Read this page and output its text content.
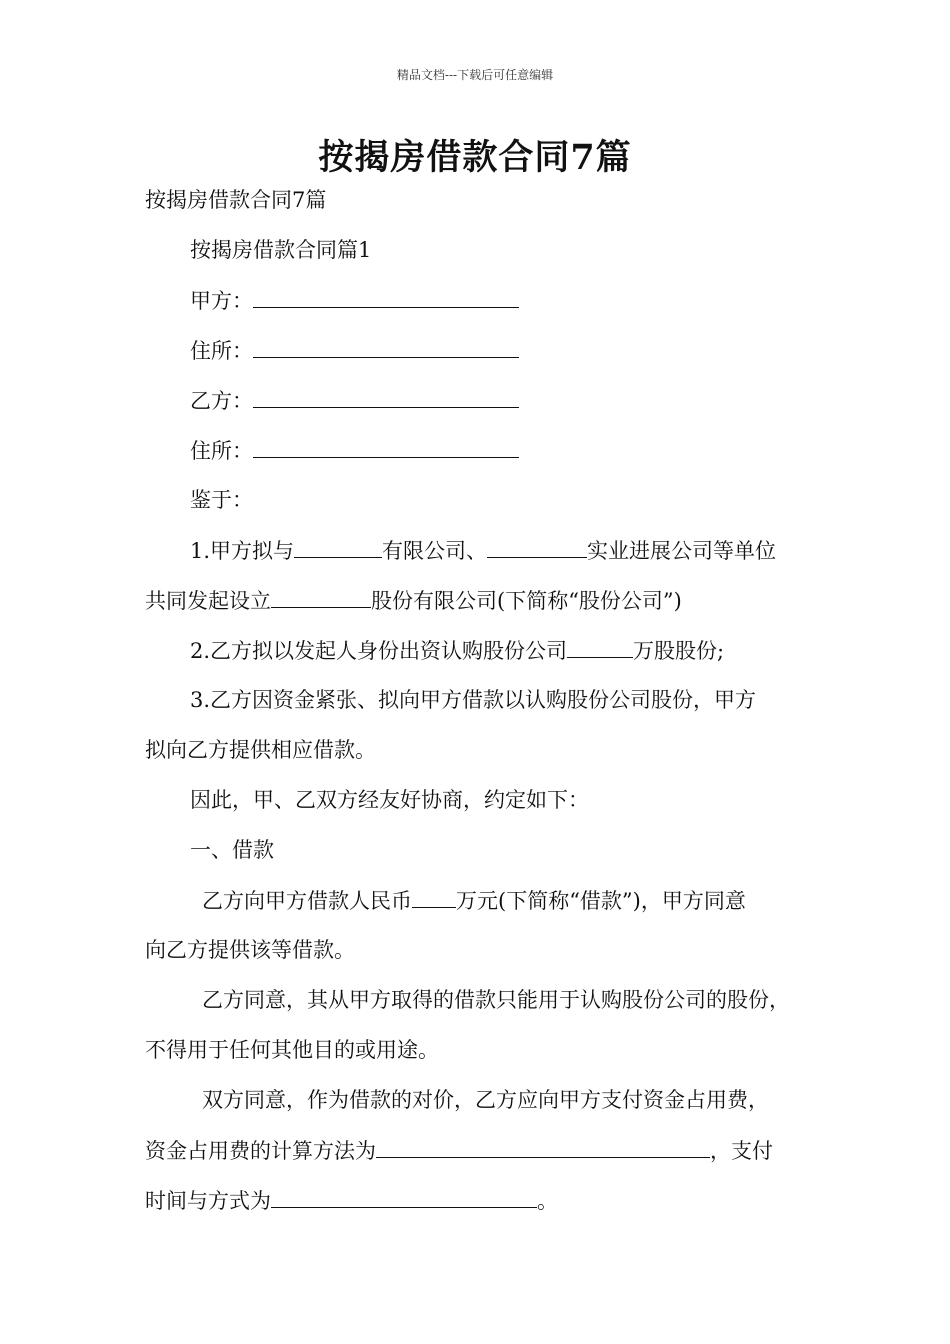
精品文档---下载后可任意编辑
按揭房借款合同7篇
按揭房借款合同7篇
按揭房借款合同篇1
甲方：
住所：
乙方：
住所：
鉴于：
1.甲方拟与	有限公司、	实业进展公司等单位
共同发起设立	股份有限公司(下简称“股份公司”)
2.乙方拟以发起人身份出资认购股份公司	万股股份;
3.乙方因资金紧张、拟向甲方借款以认购股份公司股份，甲方
拟向乙方提供相应借款。
因此，甲、乙双方经友好协商，约定如下：
一、借款
乙方向甲方借款人民币 万元(下简称“借款”)，甲方同意
向乙方提供该等借款。
乙方同意，其从甲方取得的借款只能用于认购股份公司的股份，
不得用于任何其他目的或用途。
双方同意，作为借款的对价，乙方应向甲方支付资金占用费，
资金占用费的计算方法为	，支付
时间与方式为	。
